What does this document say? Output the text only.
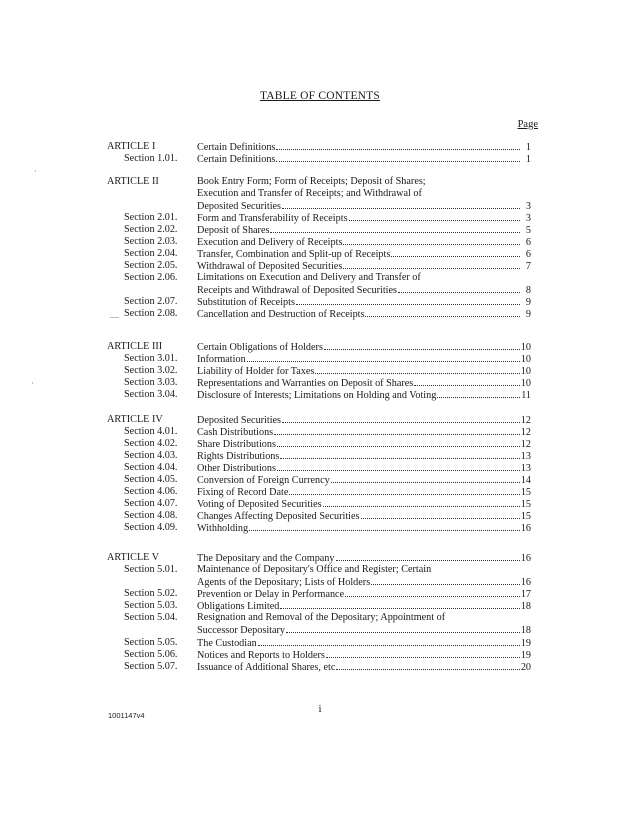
TABLE OF CONTENTS
Page
ARTICLE I	Certain Definitions	1
Section 1.01. Certain Definitions.	1
ARTICLE II	Book Entry Form; Form of Receipts; Deposit of Shares;
Execution and Transfer of Receipts; and Withdrawal of
Deposited Securities	3
Section 2.01. Form and Transferability of Receipts	3
Section 2.02. Deposit of Shares	5
Section 2.03. Execution and Delivery of Receipts	6
Section 2.04. Transfer, Combination and Split-up of Receipts	6
Section 2.05. Withdrawal of Deposited Securities	7
Section 2.06. Limitations on Execution and Delivery and Transfer of
Receipts and Withdrawal of Deposited Securities	8
Section 2.07. Substitution of Receipts	9
Section 2.08. Cancellation and Destruction of Receipts	9
ARTICLE III	Certain Obligations of Holders	10
Section 3.01. Information	10
Section 3.02. Liability of Holder for Taxes	10
Section 3.03. Representations and Warranties on Deposit of Shares	10
Section 3.04. Disclosure of Interests; Limitations on Holding and Voting	11
ARTICLE IV	Deposited Securities	12
Section 4.01. Cash Distributions	12
Section 4.02. Share Distributions	12
Section 4.03. Rights Distributions	13
Section 4.04. Other Distributions	13
Section 4.05. Conversion of Foreign Currency	14
Section 4.06. Fixing of Record Date	15
Section 4.07. Voting of Deposited Securities	15
Section 4.08. Changes Affecting Deposited Securities	15
Section 4.09. Withholding	16
ARTICLE V	The Depositary and the Company	16
Section 5.01. Maintenance of Depositary's Office and Register; Certain
Agents of the Depositary; Lists of Holders	16
Section 5.02. Prevention or Delay in Performance	17
Section 5.03. Obligations Limited	18
Section 5.04. Resignation and Removal of the Depositary; Appointment of
Successor Depositary	18
Section 5.05. The Custodian	19
Section 5.06. Notices and Reports to Holders	19
Section 5.07. Issuance of Additional Shares, etc	20
·
·
—
i
1001147v4
